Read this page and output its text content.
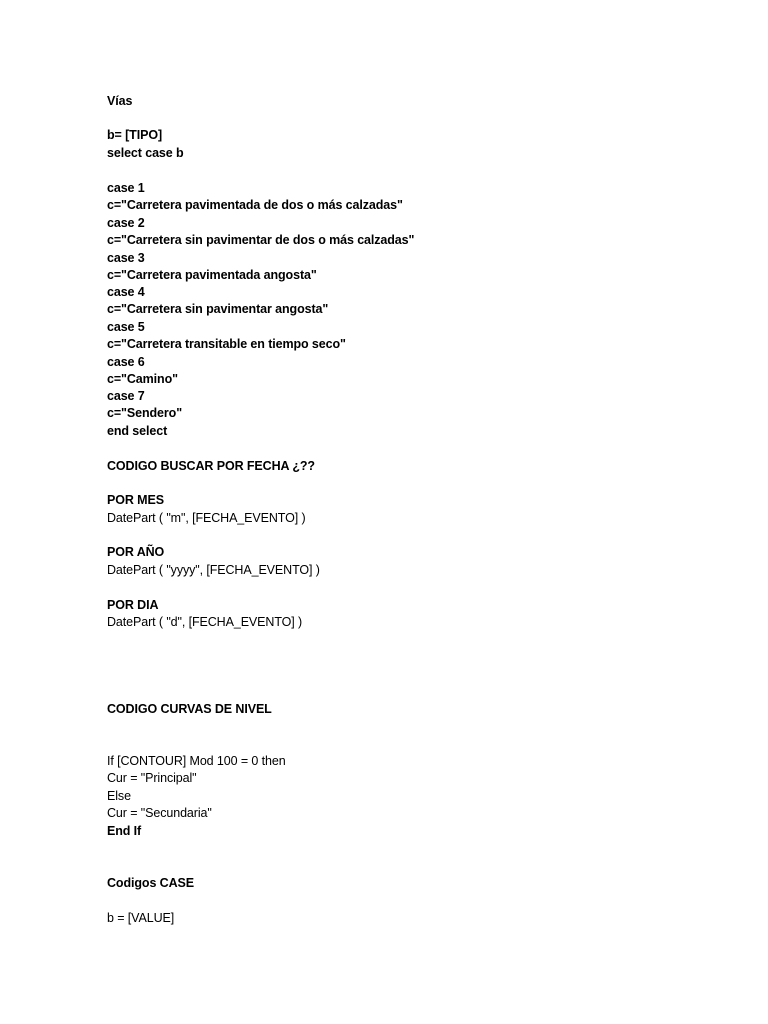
Vías
b= [TIPO]
select case b
case 1
c="Carretera pavimentada de dos o más calzadas"
case 2
c="Carretera sin pavimentar de dos o más calzadas"
case 3
c="Carretera pavimentada angosta"
case 4
c="Carretera sin pavimentar angosta"
case 5
c="Carretera transitable en tiempo seco"
case 6
c="Camino"
case 7
c="Sendero"
end select
CODIGO BUSCAR POR FECHA ¿??
POR MES
DatePart ( "m", [FECHA_EVENTO] )
POR AÑO
DatePart ( "yyyy", [FECHA_EVENTO] )
POR DIA
DatePart ( "d", [FECHA_EVENTO] )
CODIGO CURVAS DE NIVEL
If [CONTOUR] Mod 100 = 0 then
Cur = "Principal"
Else
Cur = "Secundaria"
End If
Codigos CASE
b = [VALUE]
